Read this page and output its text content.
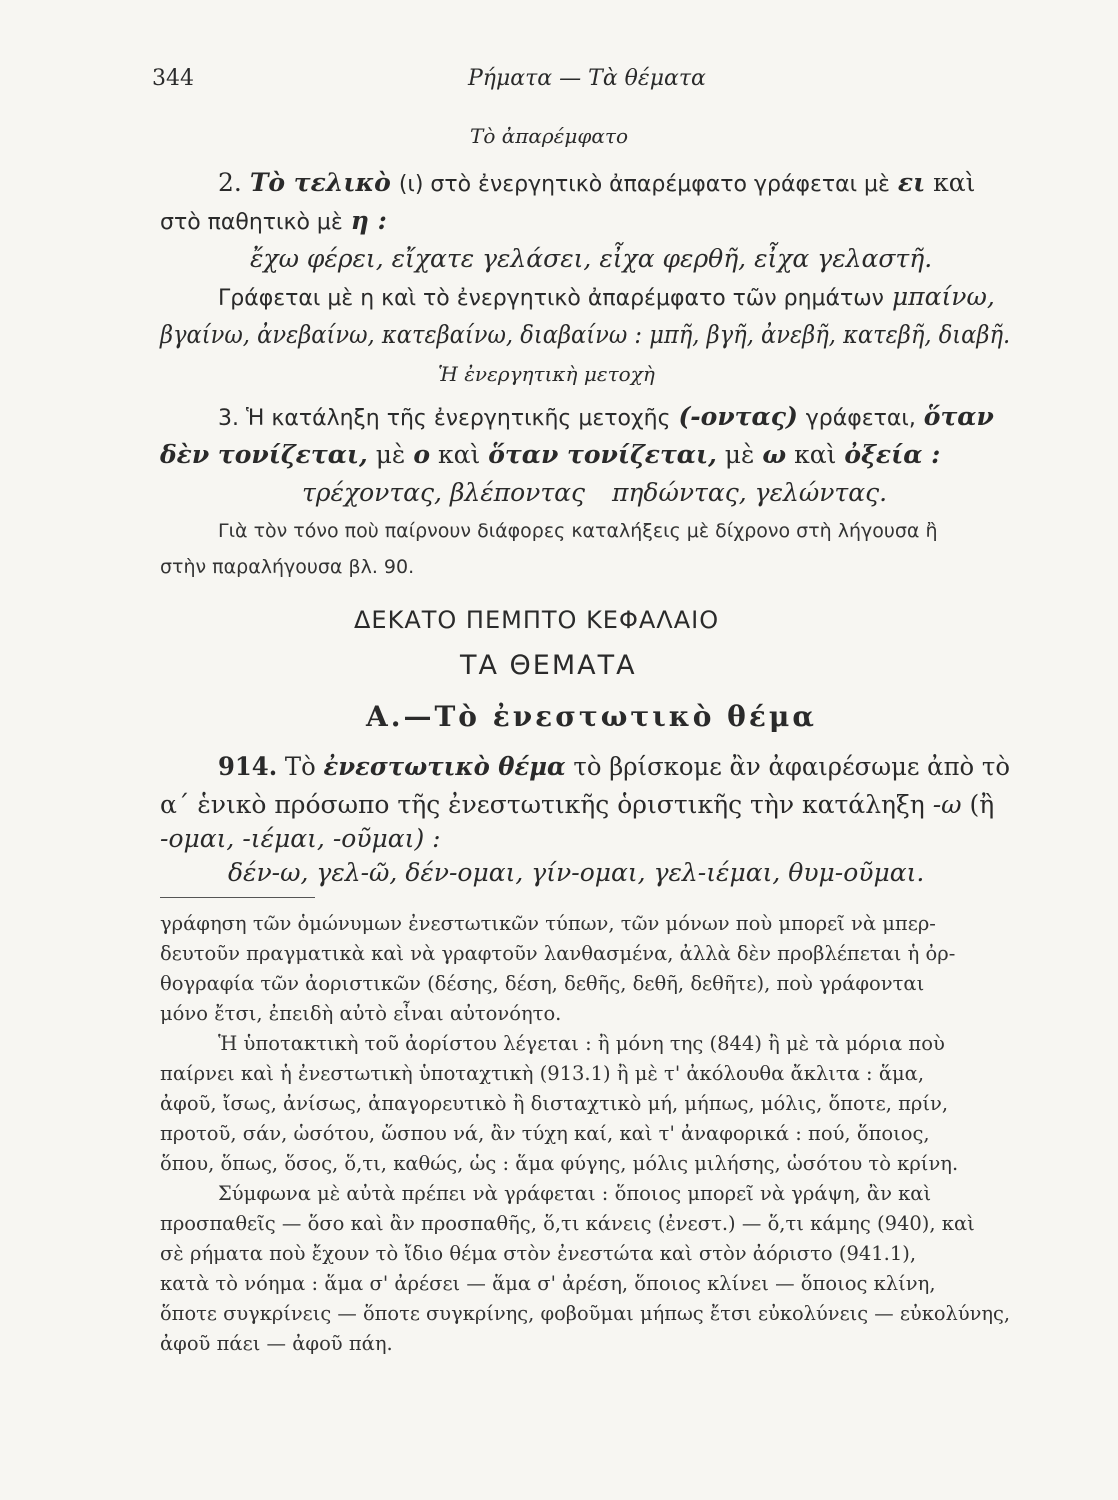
344	Ρήματα — Τὰ θέματα
Τὸ ἀπαρέμφατο
2. Τὸ τελικὸ (ι) στὸ ἐνεργητικὸ ἀπαρέμφατο γράφεται μὲ ει καὶ
στὸ παθητικὸ μὲ η :
ἔχω φέρει, εἴχατε γελάσει, εἶχα φερθῆ, εἶχα γελαστῆ.
Γράφεται μὲ η καὶ τὸ ἐνεργητικὸ ἀπαρέμφατο τῶν ρημάτων μπαίνω,
βγαίνω, ἀνεβαίνω, κατεβαίνω, διαβαίνω : μπῆ, βγῆ, ἀνεβῆ, κατεβῆ, διαβῆ.
Ἡ ἐνεργητικὴ μετοχὴ
3. Ἡ κατάληξη τῆς ἐνεργητικῆς μετοχῆς (-οντας) γράφεται, ὅταν
δὲν τονίζεται, μὲ ο καὶ ὅταν τονίζεται, μὲ ω καὶ ὀξεία :
τρέχοντας, βλέποντας πηδώντας, γελώντας.
Γιὰ τὸν τόνο ποὺ παίρνουν διάφορες καταλήξεις μὲ δίχρονο στὴ λήγουσα ἢ
στὴν παραλήγουσα βλ. 90.
ΔΕΚΑΤΟ ΠΕΜΠΤΟ ΚΕΦΑΛΑΙΟ
ΤΑ ΘΕΜΑΤΑ
Α.—Τὸ ἐνεστωτικὸ θέμα
914. Τὸ ἐνεστωτικὸ θέμα τὸ βρίσκομε ἂν ἀφαιρέσωμε ἀπὸ τὸ
α΄ ἑνικὸ πρόσωπο τῆς ἐνεστωτικῆς ὁριστικῆς τὴν κατάληξη -ω (ἢ
-ομαι, -ιέμαι, -οῦμαι) :
δέν-ω, γελ-ῶ, δέν-ομαι, γίν-ομαι, γελ-ιέμαι, θυμ-οῦμαι.
γράφηση τῶν ὁμώνυμων ἐνεστωτικῶν τύπων, τῶν μόνων ποὺ μπορεῖ νὰ μπερ-
δευτοῦν πραγματικὰ καὶ νὰ γραφτοῦν λανθασμένα, ἀλλὰ δὲν προβλέπεται ἡ ὀρ-
θογραφία τῶν ἀοριστικῶν (δέσης, δέση, δεθῆς, δεθῆ, δεθῆτε), ποὺ γράφονται
μόνο ἔτσι, ἐπειδὴ αὐτὸ εἶναι αὐτονόητο.
Ἡ ὑποτακτικὴ τοῦ ἀορίστου λέγεται : ἢ μόνη της (844) ἢ μὲ τὰ μόρια ποὺ
παίρνει καὶ ἡ ἐνεστωτικὴ ὑποταχτικὴ (913.1) ἢ μὲ τ' ἀκόλουθα ἄκλιτα : ἅμα,
ἀφοῦ, ἴσως, ἀνίσως, ἀπαγορευτικὸ ἢ δισταχτικὸ μή, μήπως, μόλις, ὅποτε, πρίν,
προτοῦ, σάν, ὡσότου, ὥσπου νά, ἂν τύχη καί, καὶ τ' ἀναφορικά : πού, ὅποιος,
ὅπου, ὅπως, ὅσος, ὅ,τι, καθώς, ὡς : ἅμα φύγης, μόλις μιλήσης, ὡσότου τὸ κρίνη.
Σύμφωνα μὲ αὐτὰ πρέπει νὰ γράφεται : ὅποιος μπορεῖ νὰ γράψη, ἂν καὶ
προσπαθεῖς — ὅσο καὶ ἂν προσπαθῆς, ὅ,τι κάνεις (ἐνεστ.) — ὅ,τι κάμης (940), καὶ
σὲ ρήματα ποὺ ἔχουν τὸ ἴδιο θέμα στὸν ἐνεστώτα καὶ στὸν ἀόριστο (941.1),
κατὰ τὸ νόημα : ἅμα σ' ἀρέσει — ἅμα σ' ἀρέση, ὅποιος κλίνει — ὅποιος κλίνη,
ὅποτε συγκρίνεις — ὅποτε συγκρίνης, φοβοῦμαι μήπως ἔτσι εὐκολύνεις — εὐκολύνης,
ἀφοῦ πάει — ἀφοῦ πάη.
